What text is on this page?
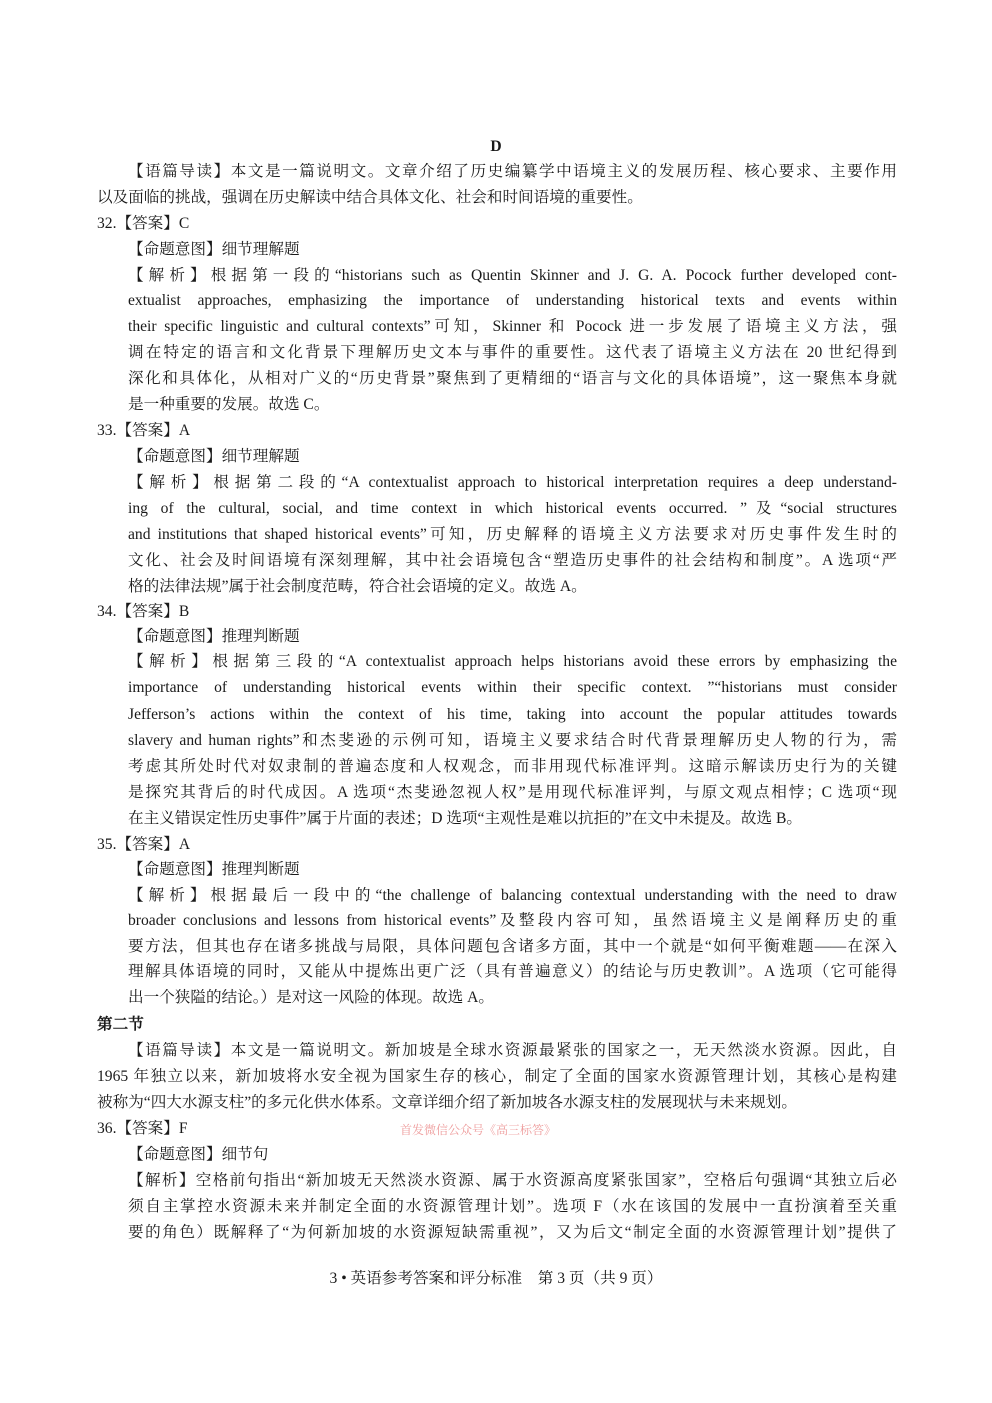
D
【语篇导读】本文是一篇说明文。文章介绍了历史编纂学中语境主义的发展历程、核心要求、主要作用
以及面临的挑战，强调在历史解读中结合具体文化、社会和时间语境的重要性。
32.【答案】C
【命题意图】细节理解题
【解析】根据第一段的“historians such as Quentin Skinner and J. G. A. Pocock further developed cont-
extualist approaches, emphasizing the importance of understanding historical texts and events within
their specific linguistic and cultural contexts”可知，Skinner 和 Pocock 进一步发展了语境主义方法，强
调在特定的语言和文化背景下理解历史文本与事件的重要性。这代表了语境主义方法在 20 世纪得到
深化和具体化，从相对广义的“历史背景”聚焦到了更精细的“语言与文化的具体语境”，这一聚焦本身就
是一种重要的发展。故选 C。
33.【答案】A
【命题意图】细节理解题
【解析】根据第二段的“A contextualist approach to historical interpretation requires a deep understand-
ing of the cultural, social, and time context in which historical events occurred. ”及“social structures
and institutions that shaped historical events”可知，历史解释的语境主义方法要求对历史事件发生时的
文化、社会及时间语境有深刻理解，其中社会语境包含“塑造历史事件的社会结构和制度”。A 选项“严
格的法律法规”属于社会制度范畴，符合社会语境的定义。故选 A。
34.【答案】B
【命题意图】推理判断题
【解析】根据第三段的“A contextualist approach helps historians avoid these errors by emphasizing the
importance of understanding historical events within their specific context. ”“historians must consider
Jefferson’s actions within the context of his time, taking into account the popular attitudes towards
slavery and human rights”和杰斐逊的示例可知，语境主义要求结合时代背景理解历史人物的行为，需
考虑其所处时代对奴隶制的普遍态度和人权观念，而非用现代标准评判。这暗示解读历史行为的关键
是探究其背后的时代成因。A 选项“杰斐逊忽视人权”是用现代标准评判，与原文观点相悖；C 选项“现
在主义错误定性历史事件”属于片面的表述；D 选项“主观性是难以抗拒的”在文中未提及。故选 B。
35.【答案】A
【命题意图】推理判断题
【解析】根据最后一段中的“the challenge of balancing contextual understanding with the need to draw
broader conclusions and lessons from historical events”及整段内容可知，虽然语境主义是阐释历史的重
要方法，但其也存在诸多挑战与局限，具体问题包含诸多方面，其中一个就是“如何平衡难题——在深入
理解具体语境的同时，又能从中提炼出更广泛（具有普遍意义）的结论与历史教训”。A 选项（它可能得
出一个狭隘的结论。）是对这一风险的体现。故选 A。
第二节
【语篇导读】本文是一篇说明文。新加坡是全球水资源最紧张的国家之一，无天然淡水资源。因此，自
1965 年独立以来，新加坡将水安全视为国家生存的核心，制定了全面的国家水资源管理计划，其核心是构建
被称为“四大水源支柱”的多元化供水体系。文章详细介绍了新加坡各水源支柱的发展现状与未来规划。
36.【答案】F	首发微信公众号《高三标答》
【命题意图】细节句
【解析】空格前句指出“新加坡无天然淡水资源、属于水资源高度紧张国家”，空格后句强调“其独立后必
须自主掌控水资源未来并制定全面的水资源管理计划”。选项 F（水在该国的发展中一直扮演着至关重
要的角色）既解释了“为何新加坡的水资源短缺需重视”，又为后文“制定全面的水资源管理计划”提供了
3 • 英语参考答案和评分标准　第 3 页（共 9 页）
